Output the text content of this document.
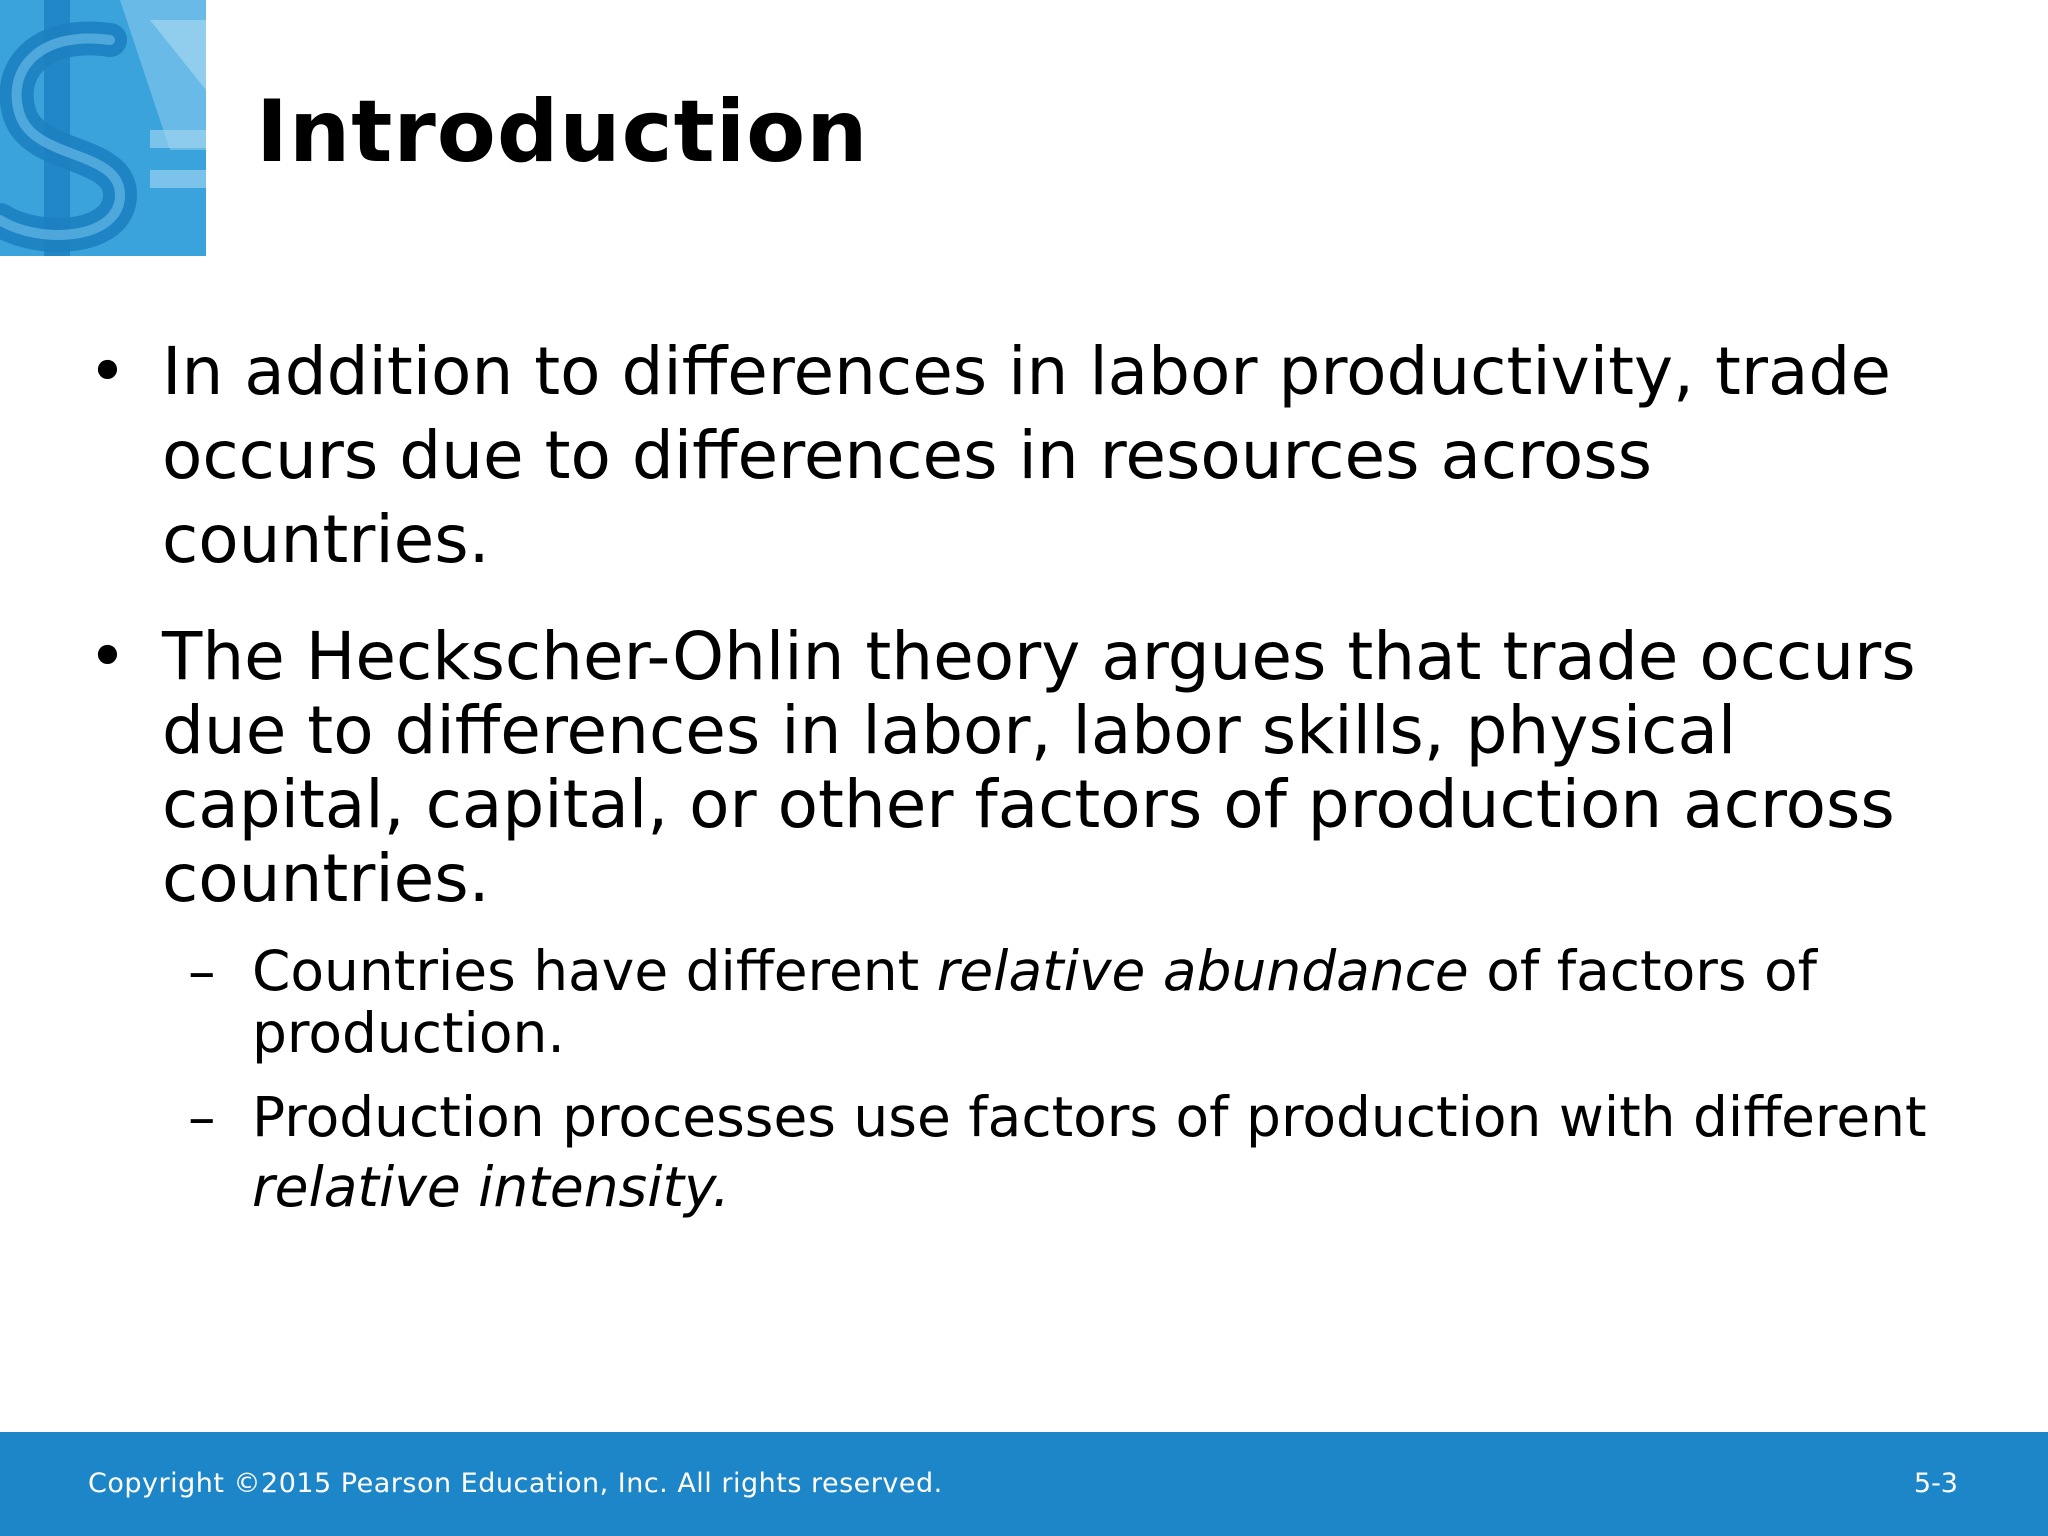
Introduction
• In addition to differences in labor productivity, trade occurs due to differences in resources across countries.
• The Heckscher-Ohlin theory argues that trade occurs due to differences in labor, labor skills, physical capital, capital, or other factors of production across countries.
– Countries have different relative abundance of factors of production.
– Production processes use factors of production with different relative intensity.
Copyright ©2015 Pearson Education, Inc. All rights reserved.	5-3
